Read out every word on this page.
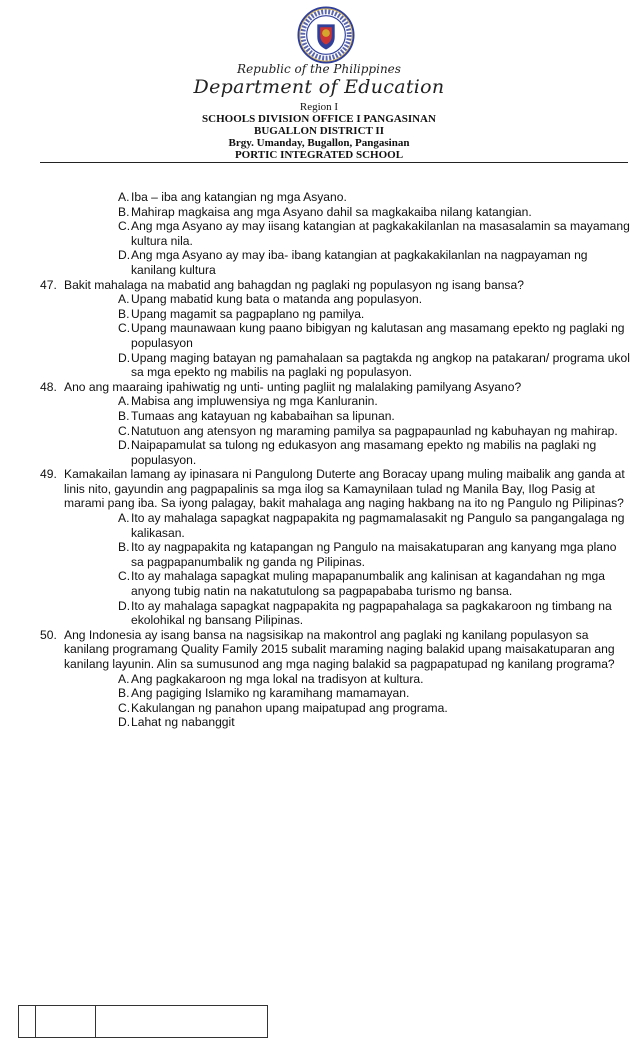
Republic of the Philippines
Department of Education
Region I
SCHOOLS DIVISION OFFICE I PANGASINAN
BUGALLON DISTRICT II
Brgy. Umanday, Bugallon, Pangasinan
PORTIC INTEGRATED SCHOOL
A. Iba – iba ang katangian ng mga Asyano.
B. Mahirap magkaisa ang mga Asyano dahil sa magkakaiba nilang katangian.
C. Ang mga Asyano ay may iisang katangian at pagkakakilanlan na masasalamin sa mayamang kultura nila.
D. Ang mga Asyano ay may iba- ibang katangian at pagkakakilanlan na nagpayaman ng kanilang kultura
47. Bakit mahalaga na mabatid ang bahagdan ng paglaki ng populasyon ng isang bansa?
A. Upang mabatid kung bata o matanda ang populasyon.
B. Upang magamit sa pagpaplano ng pamilya.
C. Upang maunawaan kung paano bibigyan ng kalutasan ang masamang epekto ng paglaki ng populasyon
D. Upang maging batayan ng pamahalaan sa pagtakda ng angkop na patakaran/ programa ukol sa mga epekto ng mabilis na paglaki ng populasyon.
48. Ano ang maaraing ipahiwatig ng unti- unting pagliit ng malalaking pamilyang Asyano?
A. Mabisa ang impluwensiya ng mga Kanluranin.
B. Tumaas ang katayuan ng kababaihan sa lipunan.
C. Natutuon ang atensyon ng maraming pamilya sa pagpapaunlad ng kabuhayan ng mahirap.
D. Naipapamulat sa tulong ng edukasyon ang masamang epekto ng mabilis na paglaki ng populasyon.
49. Kamakailan lamang ay ipinasara ni Pangulong Duterte ang Boracay upang muling maibalik ang ganda at linis nito, gayundin ang pagpapalinis sa mga ilog sa Kamaynilaan tulad ng Manila Bay, Ilog Pasig at marami pang iba. Sa iyong palagay, bakit mahalaga ang naging hakbang na ito ng Pangulo ng Pilipinas?
A. Ito ay mahalaga sapagkat nagpapakita ng pagmamalasakit ng Pangulo sa pangangalaga ng kalikasan.
B. Ito ay nagpapakita ng katapangan ng Pangulo na maisakatuparan ang kanyang mga plano sa pagpapanumbalik ng ganda ng Pilipinas.
C. Ito ay mahalaga sapagkat muling mapapanumbalik ang kalinisan at kagandahan ng mga anyong tubig natin na nakatutulong sa pagpapababa turismo ng bansa.
D. Ito ay mahalaga sapagkat nagpapakita ng pagpapahalaga sa pagkakaroon ng timbang na ekolohikal ng bansang Pilipinas.
50. Ang Indonesia ay isang bansa na nagsisikap na makontrol ang paglaki ng kanilang populasyon sa kanilang programang Quality Family 2015 subalit maraming naging balakid upang maisakatuparan ang kanilang layunin. Alin sa sumusunod ang mga naging balakid sa pagpapatupad ng kanilang programa?
A. Ang pagkakaroon ng mga lokal na tradisyon at kultura.
B. Ang pagiging Islamiko ng karamihang mamamayan.
C. Kakulangan ng panahon upang maipatupad ang programa.
D. Lahat ng nabanggit
